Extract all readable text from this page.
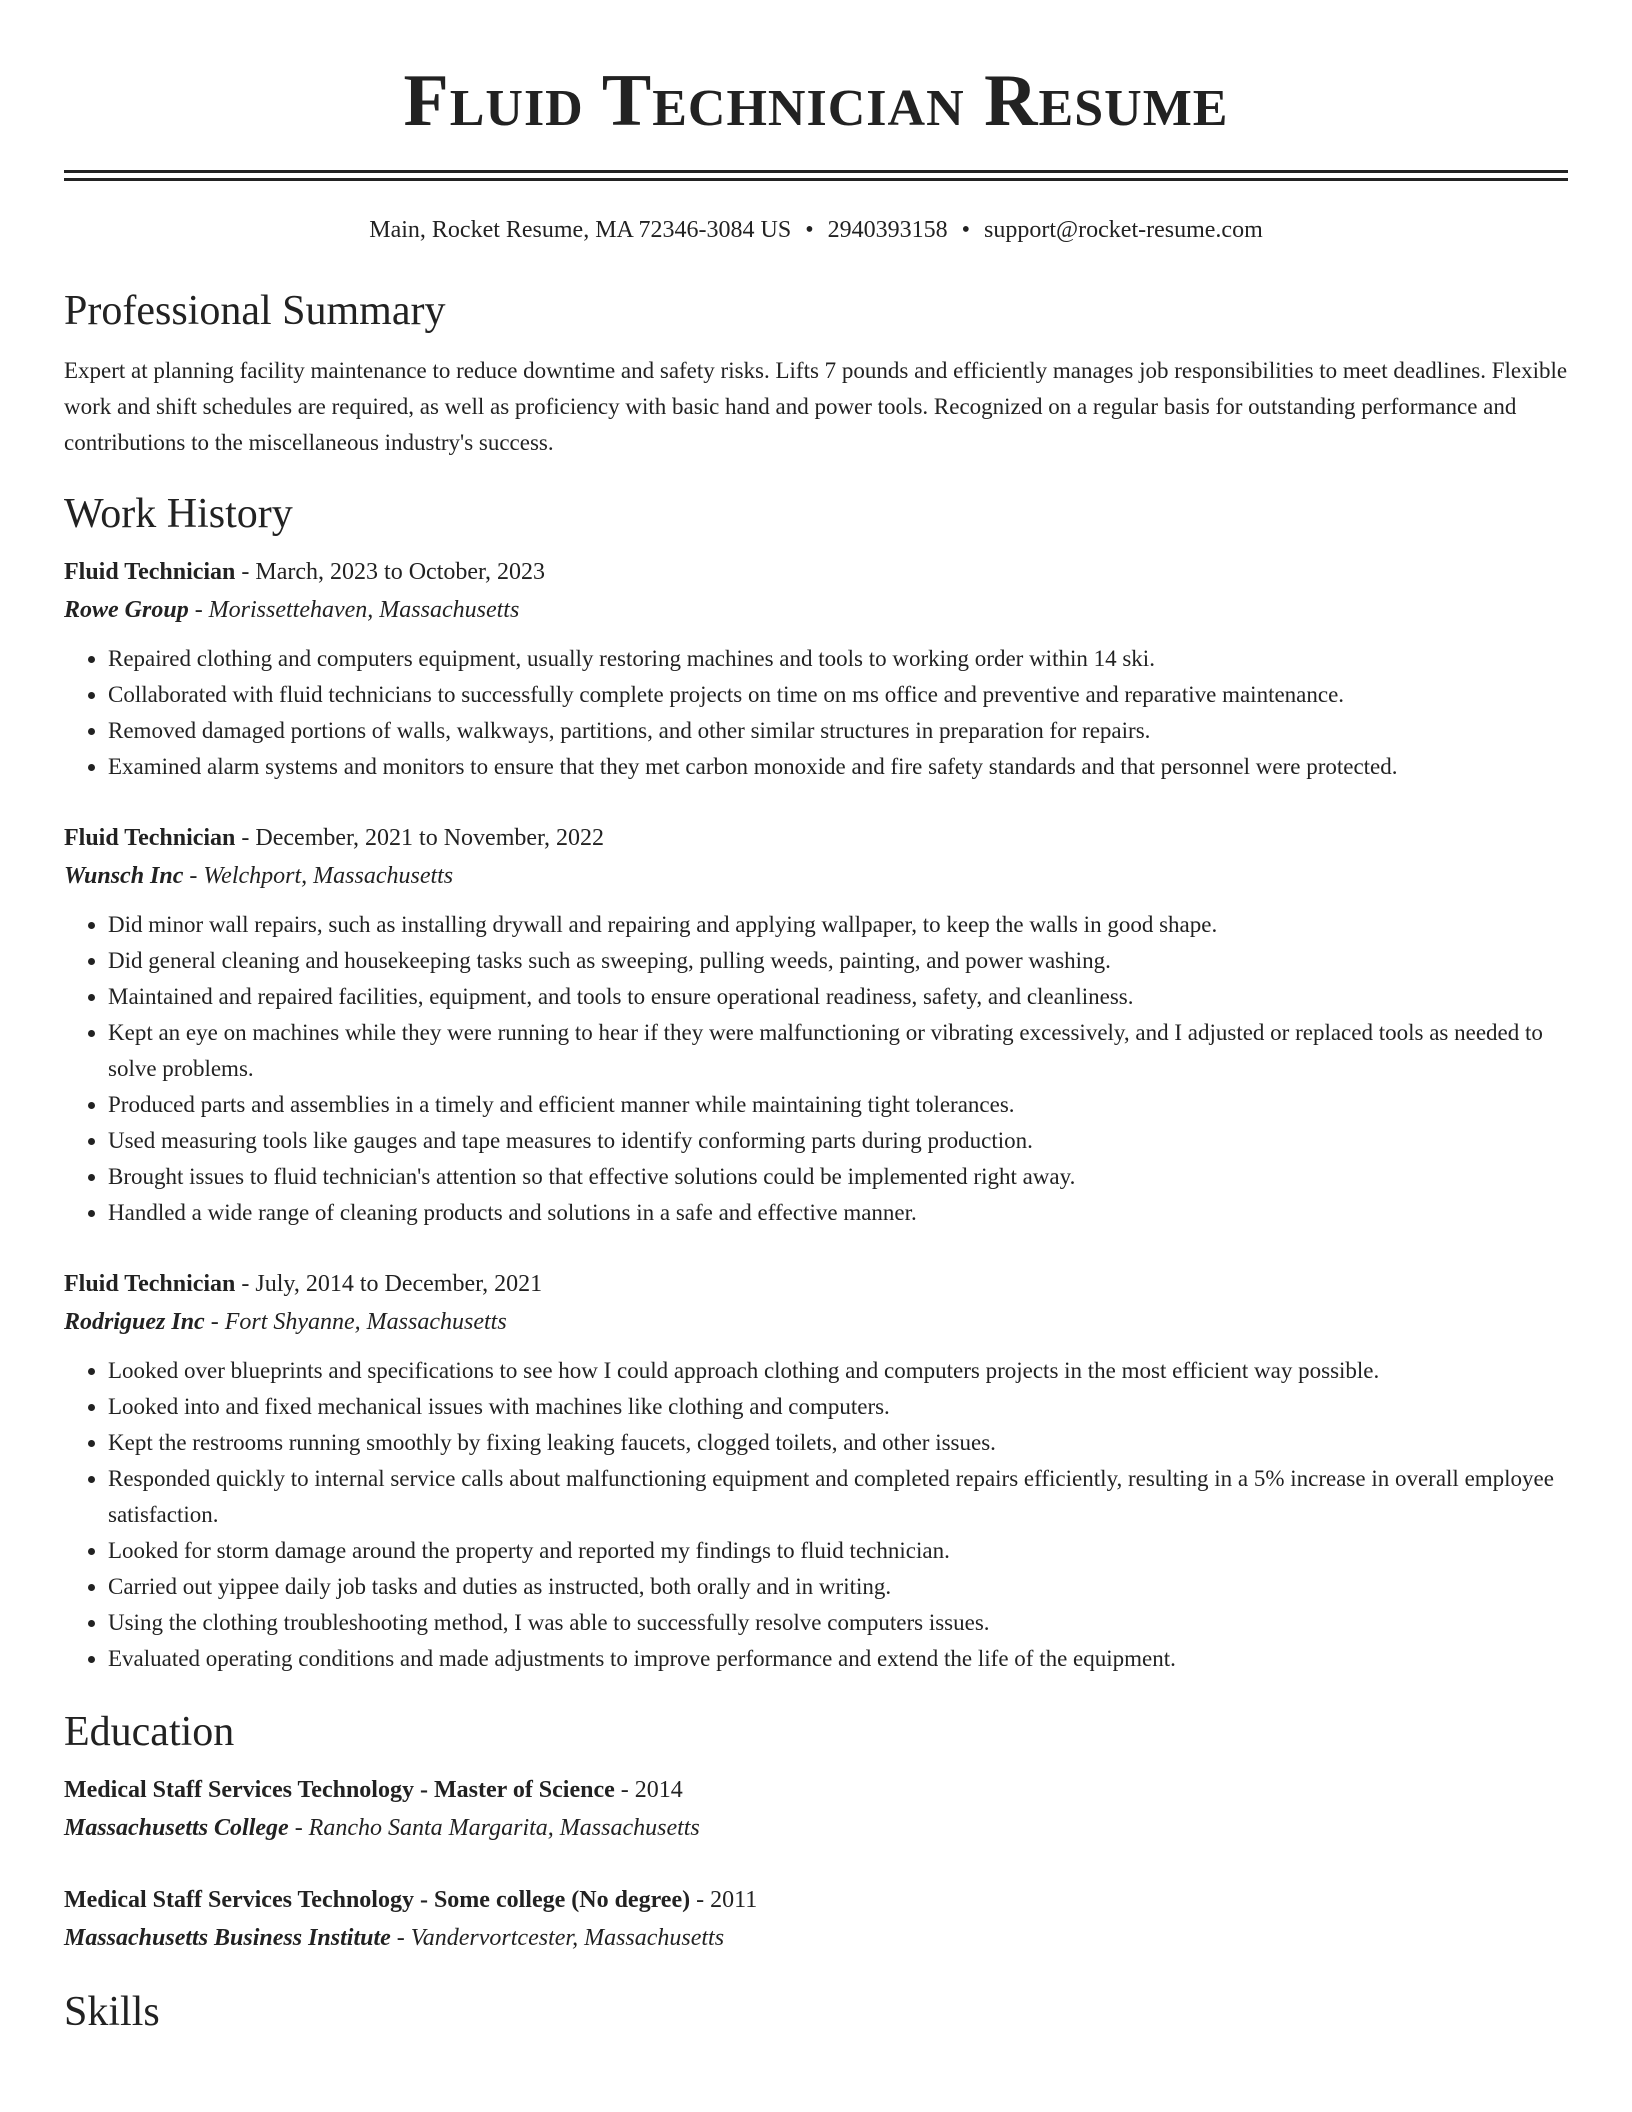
Fluid Technician Resume
Main, Rocket Resume, MA 72346-3084 US • 2940393158 • support@rocket-resume.com
Professional Summary

Expert at planning facility maintenance to reduce downtime and safety risks. Lifts 7 pounds and efficiently manages job responsibilities to meet deadlines. Flexible work and shift schedules are required, as well as proficiency with basic hand and power tools. Recognized on a regular basis for outstanding performance and contributions to the miscellaneous industry's success.

Work History
Fluid Technician - March, 2023 to October, 2023
Rowe Group - Morissettehaven, Massachusetts
• Repaired clothing and computers equipment, usually restoring machines and tools to working order within 14 ski.
• Collaborated with fluid technicians to successfully complete projects on time on ms office and preventive and reparative maintenance.
• Removed damaged portions of walls, walkways, partitions, and other similar structures in preparation for repairs.
• Examined alarm systems and monitors to ensure that they met carbon monoxide and fire safety standards and that personnel were protected.
Fluid Technician - December, 2021 to November, 2022
Wunsch Inc - Welchport, Massachusetts
• Did minor wall repairs, such as installing drywall and repairing and applying wallpaper, to keep the walls in good shape.
• Did general cleaning and housekeeping tasks such as sweeping, pulling weeds, painting, and power washing.
• Maintained and repaired facilities, equipment, and tools to ensure operational readiness, safety, and cleanliness.
• Kept an eye on machines while they were running to hear if they were malfunctioning or vibrating excessively, and I adjusted or replaced tools as needed to solve problems.
• Produced parts and assemblies in a timely and efficient manner while maintaining tight tolerances.
• Used measuring tools like gauges and tape measures to identify conforming parts during production.
• Brought issues to fluid technician's attention so that effective solutions could be implemented right away.
• Handled a wide range of cleaning products and solutions in a safe and effective manner.
Fluid Technician - July, 2014 to December, 2021
Rodriguez Inc - Fort Shyanne, Massachusetts
• Looked over blueprints and specifications to see how I could approach clothing and computers projects in the most efficient way possible.
• Looked into and fixed mechanical issues with machines like clothing and computers.
• Kept the restrooms running smoothly by fixing leaking faucets, clogged toilets, and other issues.
• Responded quickly to internal service calls about malfunctioning equipment and completed repairs efficiently, resulting in a 5% increase in overall employee satisfaction.
• Looked for storm damage around the property and reported my findings to fluid technician.
• Carried out yippee daily job tasks and duties as instructed, both orally and in writing.
• Using the clothing troubleshooting method, I was able to successfully resolve computers issues.
• Evaluated operating conditions and made adjustments to improve performance and extend the life of the equipment.
Education
Medical Staff Services Technology - Master of Science - 2014
Massachusetts College - Rancho Santa Margarita, Massachusetts
Medical Staff Services Technology - Some college (No degree) - 2011
Massachusetts Business Institute - Vandervortcester, Massachusetts
Skills
